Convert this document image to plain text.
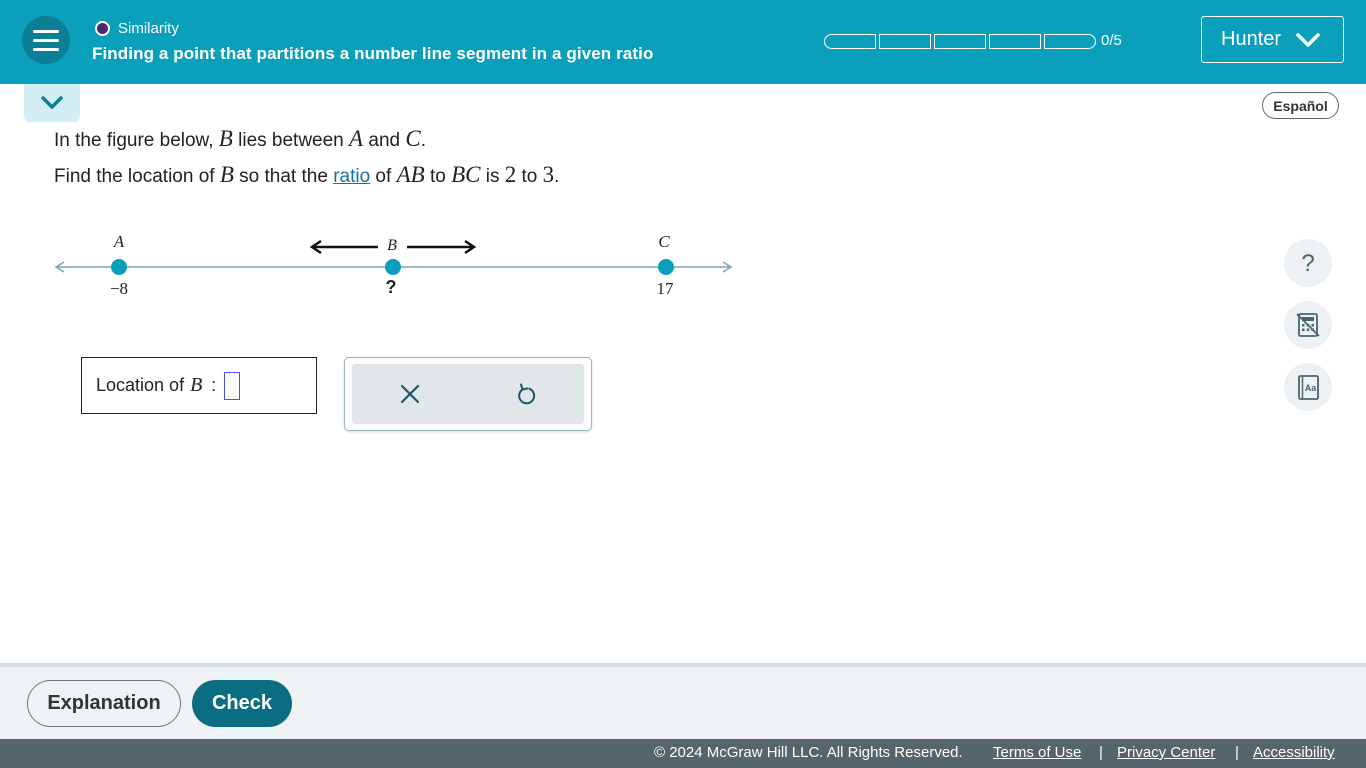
Similarity
Finding a point that partitions a number line segment in a given ratio
0/5	Hunter
Español
In the figure below, B lies between A and C.
Find the location of B so that the ratio of AB to BC is 2 to 3.
A
−8
B
?
C
17
Location of B :
?
Aa
Explanation	Check
© 2024 McGraw Hill LLC. All Rights Reserved. Terms of Use | Privacy Center | Accessibility
